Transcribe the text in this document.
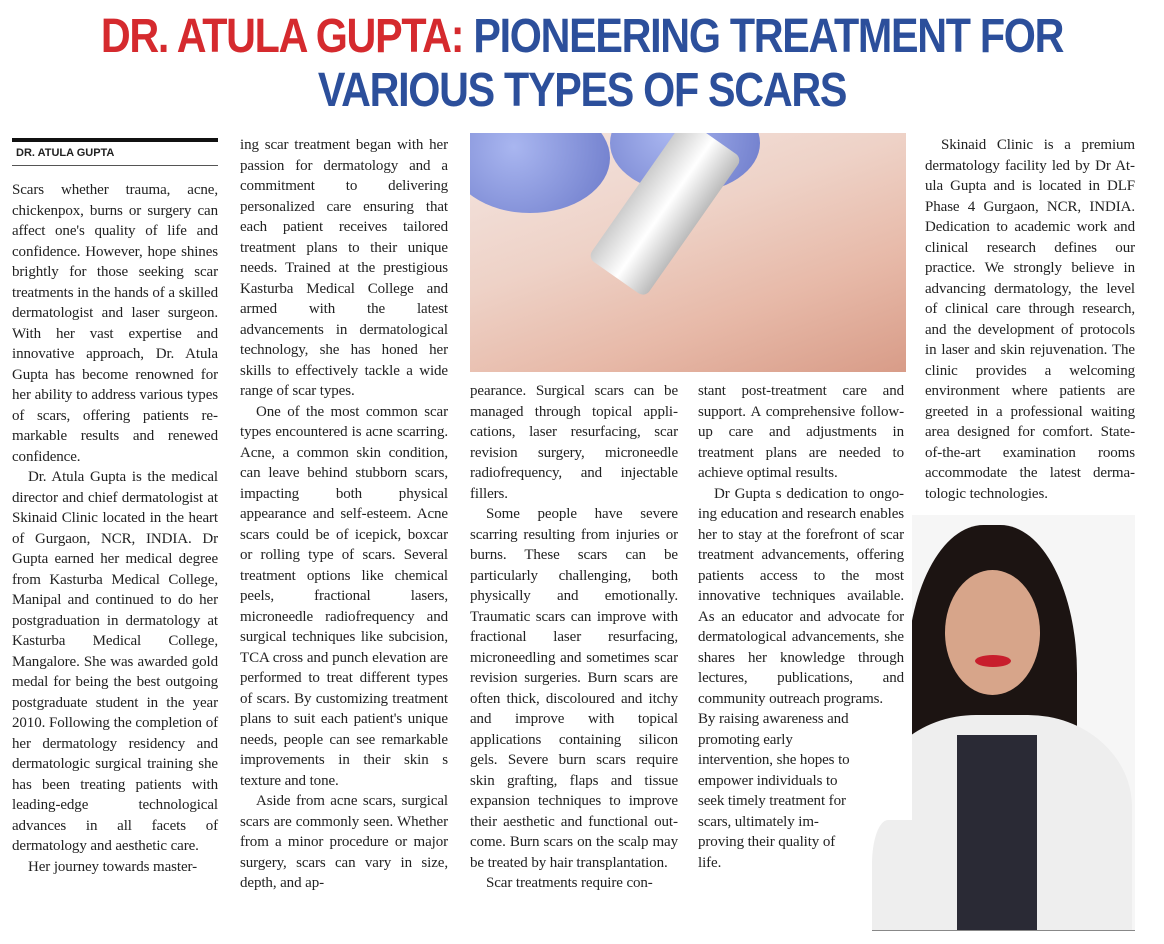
DR. ATULA GUPTA: PIONEERING TREATMENT FOR
VARIOUS TYPES OF SCARS
DR. ATULA GUPTA

Scars whether trauma, acne, chickenpox, burns or surgery can affect one's quality of life and confidence. However, hope shines brightly for those seeking scar treatments in the hands of a skilled dermatologist and laser surgeon. With her vast expertise and innovative approach, Dr. Atula Gupta has become renowned for her ability to address various types of scars, offering patients remarkable results and renewed confidence.

Dr. Atula Gupta is the medical director and chief dermatologist at Skinaid Clinic located in the heart of Gurgaon, NCR, INDIA. Dr Gupta earned her medical degree from Kasturba Medical College, Manipal and continued to do her postgraduation in dermatology at Kasturba Medical College, Mangalore. She was awarded gold medal for being the best outgoing postgraduate student in the year 2010. Following the completion of her dermatology residency and dermatologic surgical training she has been treating patients with leading-edge technological advances in all facets of dermatology and aesthetic care.

Her journey towards master-

ing scar treatment began with her passion for dermatology and a commitment to delivering personalized care ensuring that each patient receives tailored treatment plans to their unique needs. Trained at the prestigious Kasturba Medical College and armed with the latest advancements in dermatological technology, she has honed her skills to effectively tackle a wide range of scar types.

One of the most common scar types encountered is acne scarring. Acne, a common skin condition, can leave behind stubborn scars, impacting both physical appearance and self-esteem. Acne scars could be of icepick, boxcar or rolling type of scars. Several treatment options like chemical peels, fractional lasers, microneedle radiofrequency and surgical techniques like subcision, TCA cross and punch elevation are performed to treat different types of scars. By customizing treatment plans to suit each patient's unique needs, people can see remarkable improvements in their skin s texture and tone.

Aside from acne scars, surgical scars are commonly seen. Whether from a minor procedure or major surgery, scars can vary in size, depth, and ap-

pearance. Surgical scars can be managed through topical applications, laser resurfacing, scar revision surgery, microneedle radiofrequency, and injectable fillers.

Some people have severe scarring resulting from injuries or burns. These scars can be particularly challenging, both physically and emotionally. Traumatic scars can improve with fractional laser resurfacing, microneedling and sometimes scar revision surgeries. Burn scars are often thick, discoloured and itchy and improve with topical applications containing silicon gels. Severe burn scars require skin grafting, flaps and tissue expansion techniques to improve their aesthetic and functional outcome. Burn scars on the scalp may be treated by hair transplantation.

Scar treatments require con-

stant post-treatment care and support. A comprehensive follow-up care and adjustments in treatment plans are needed to achieve optimal results.

Dr Gupta s dedication to ongoing education and research enables her to stay at the forefront of scar treatment advancements, offering patients access to the most innovative techniques available. As an educator and advocate for dermatological advancements, she shares her knowledge through lectures, publications, and community outreach programs.

By raising awareness and promoting early intervention, she hopes to empower individuals to seek timely treatment for scars, ultimately improving their quality of life.

Skinaid Clinic is a premium dermatology facility led by Dr Atula Gupta and is located in DLF Phase 4 Gurgaon, NCR, INDIA. Dedication to academic work and clinical research defines our practice. We strongly believe in advancing dermatology, the level of clinical care through research, and the development of protocols in laser and skin rejuvenation. The clinic provides a welcoming environment where patients are greeted in a professional waiting area designed for comfort. State-of-the-art examination rooms accommodate the latest dermatologic technologies.
